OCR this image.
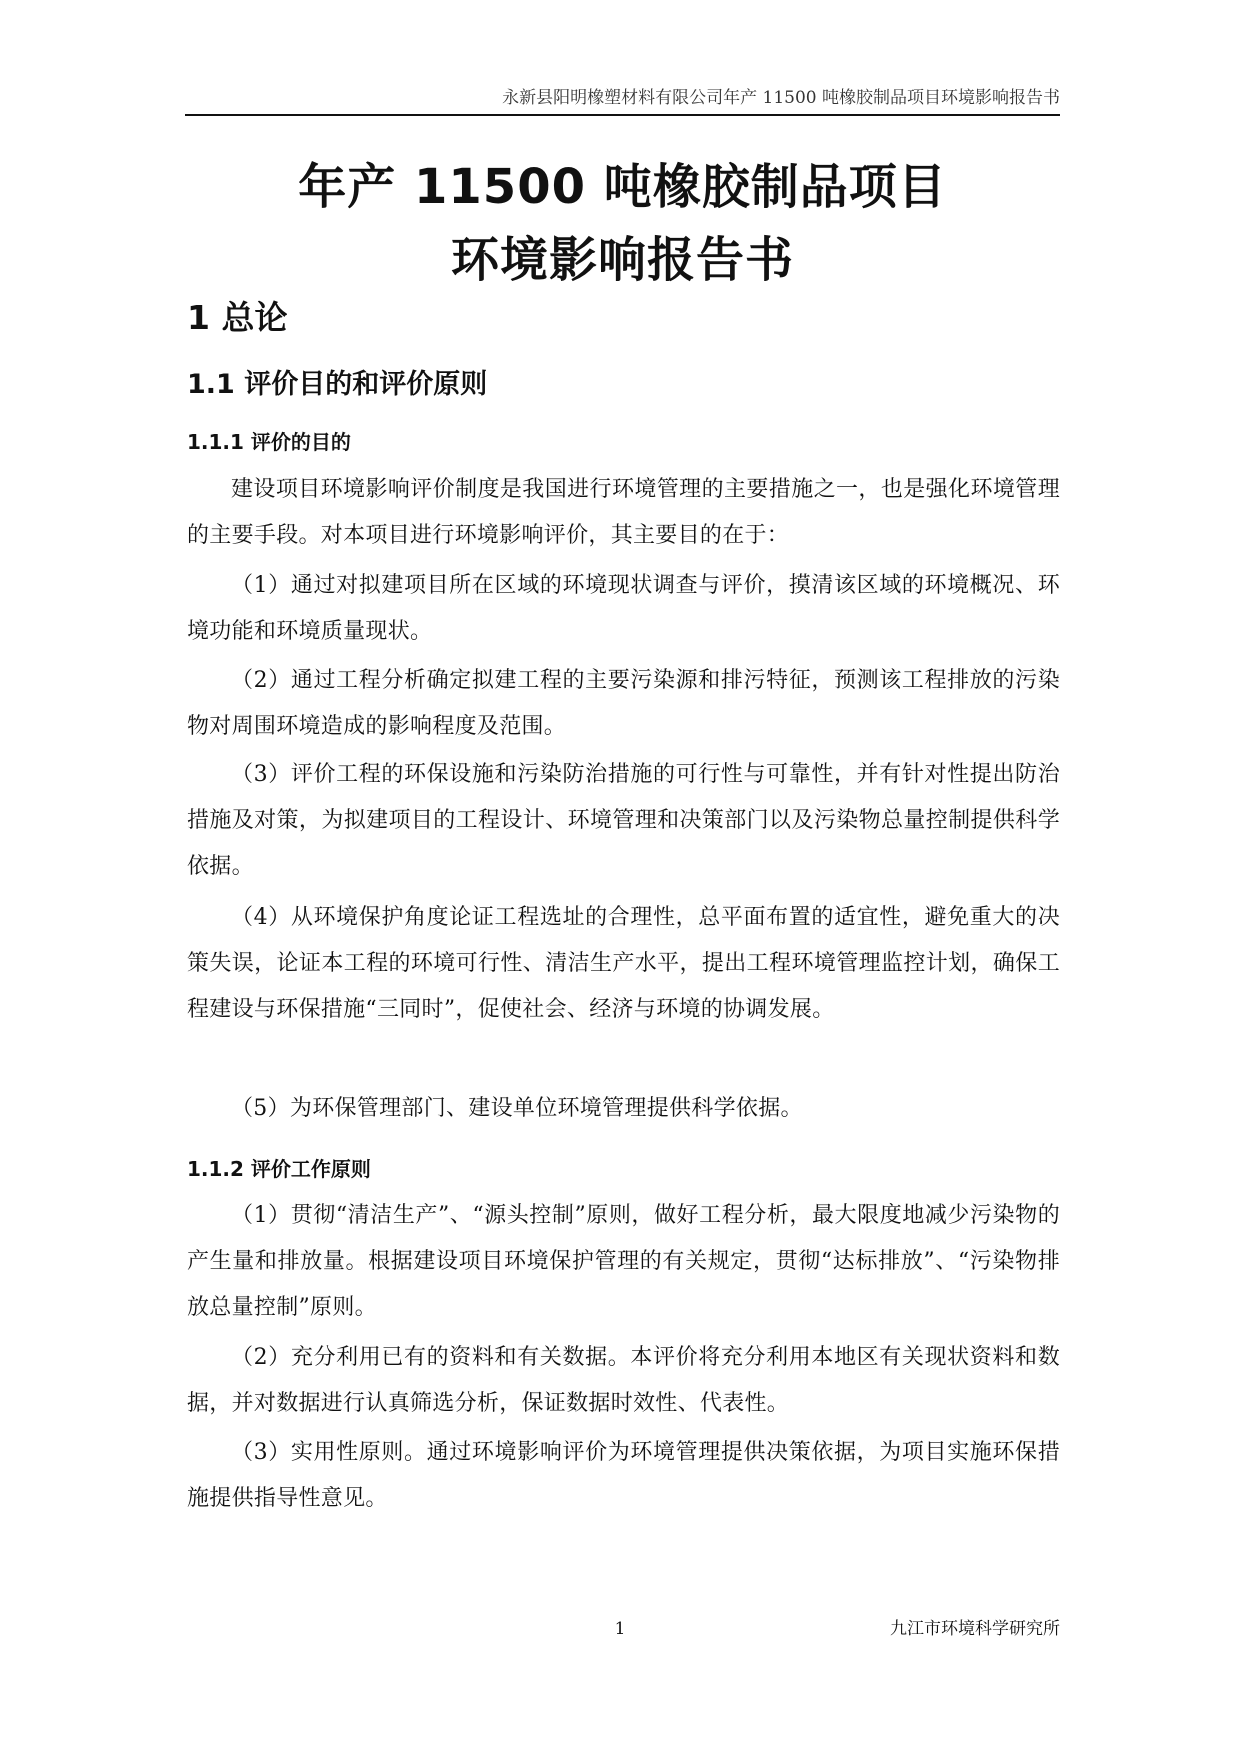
永新县阳明橡塑材料有限公司年产 11500 吨橡胶制品项目环境影响报告书
年产 11500 吨橡胶制品项目
环境影响报告书
1 总论
1.1 评价目的和评价原则
1.1.1 评价的目的

建设项目环境影响评价制度是我国进行环境管理的主要措施之一，也是强化环境管理的主要手段。对本项目进行环境影响评价，其主要目的在于：

（1）通过对拟建项目所在区域的环境现状调查与评价，摸清该区域的环境概况、环境功能和环境质量现状。

（2）通过工程分析确定拟建工程的主要污染源和排污特征，预测该工程排放的污染物对周围环境造成的影响程度及范围。

（3）评价工程的环保设施和污染防治措施的可行性与可靠性，并有针对性提出防治措施及对策，为拟建项目的工程设计、环境管理和决策部门以及污染物总量控制提供科学依据。

（4）从环境保护角度论证工程选址的合理性，总平面布置的适宜性，避免重大的决策失误，论证本工程的环境可行性、清洁生产水平，提出工程环境管理监控计划，确保工程建设与环保措施“三同时”，促使社会、经济与环境的协调发展。

（5）为环保管理部门、建设单位环境管理提供科学依据。

1.1.2 评价工作原则

（1）贯彻“清洁生产”、“源头控制”原则，做好工程分析，最大限度地减少污染物的产生量和排放量。根据建设项目环境保护管理的有关规定，贯彻“达标排放”、“污染物排放总量控制”原则。

（2）充分利用已有的资料和有关数据。本评价将充分利用本地区有关现状资料和数据，并对数据进行认真筛选分析，保证数据时效性、代表性。

（3）实用性原则。通过环境影响评价为环境管理提供决策依据，为项目实施环保措施提供指导性意见。

1	九江市环境科学研究所
